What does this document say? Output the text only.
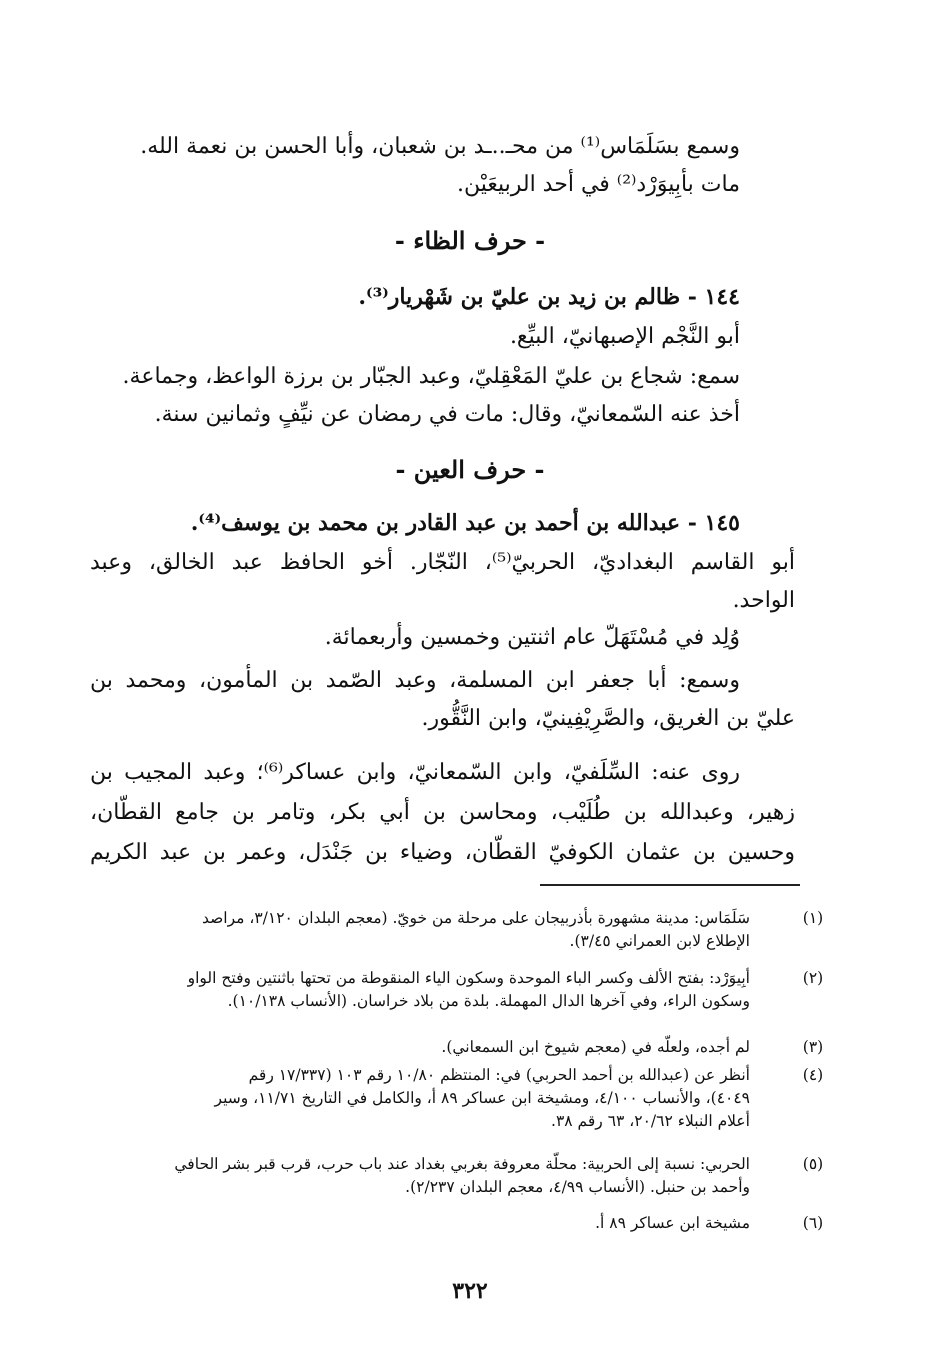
وسمع بسَلَمَاس⁽¹⁾ من محـ..ـد بن شعبان، وأبا الحسن بن نعمة الله.
مات بأبِيوَرْد⁽²⁾ في أحد الربيعَيْن.
- حرف الظاء -
١٤٤ - ظالم بن زيد بن عليّ بن شَهْريار⁽³⁾.
أبو النَّجْم الإصبهانيّ، البيِّع.
سمع: شجاع بن عليّ المَعْقِليّ، وعبد الجبّار بن برزة الواعظ، وجماعة.
أخذ عنه السّمعانيّ، وقال: مات في رمضان عن نيِّفٍ وثمانين سنة.
- حرف العين -
١٤٥ - عبدالله بن أحمد بن عبد القادر بن محمد بن يوسف⁽⁴⁾.
أبو القاسم البغداديّ، الحربيّ⁽⁵⁾، النّجّار. أخو الحافظ عبد الخالق، وعبد
الواحد.
وُلِد في مُسْتَهَلّ عام اثنتين وخمسين وأربعمائة.
وسمع: أبا جعفر ابن المسلمة، وعبد الصّمد بن المأمون، ومحمد بن
عليّ بن الغريق، والصَّرِيْفِينيّ، وابن النَّقُّور.
روى عنه: السِّلَفيّ، وابن السّمعانيّ، وابن عساكر⁽⁶⁾؛ وعبد المجيب بن
زهير، وعبدالله بن طُلَيْب، ومحاسن بن أبي بكر، وتامر بن جامع القطّان،
وحسين بن عثمان الكوفيّ القطّان، وضياء بن جَنْدَل، وعمر بن عبد الكريم
(١)
سَلَمَاس: مدينة مشهورة بأذربيجان على مرحلة من خويّ. (معجم البلدان ٣/١٢٠، مراصد
الإطلاع لابن العمراني ٣/٤٥).
(٢)
أبِيوَرْد: بفتح الألف وكسر الباء الموحدة وسكون الياء المنقوطة من تحتها باثنتين وفتح الواو
وسكون الراء، وفي آخرها الدال المهملة. بلدة من بلاد خراسان. (الأنساب ١٠/١٣٨).
(٣)
لم أجده، ولعلّه في (معجم شيوخ ابن السمعاني).
(٤)
أنظر عن (عبدالله بن أحمد الحربي) في: المنتظم ١٠/٨٠ رقم ١٠٣ (١٧/٣٣٧ رقم
٤٠٤٩)، والأنساب ٤/١٠٠، ومشيخة ابن عساكر ٨٩ أ، والكامل في التاريخ ١١/٧١، وسير
أعلام النبلاء ٢٠/٦٢، ٦٣ رقم ٣٨.
(٥)
الحربي: نسبة إلى الحربية: محلّة معروفة بغربي بغداد عند باب حرب، قرب قبر بشر الحافي
وأحمد بن حنبل. (الأنساب ٤/٩٩، معجم البلدان ٢/٢٣٧).
(٦)
مشيخة ابن عساكر ٨٩ أ.
٣٢٢
